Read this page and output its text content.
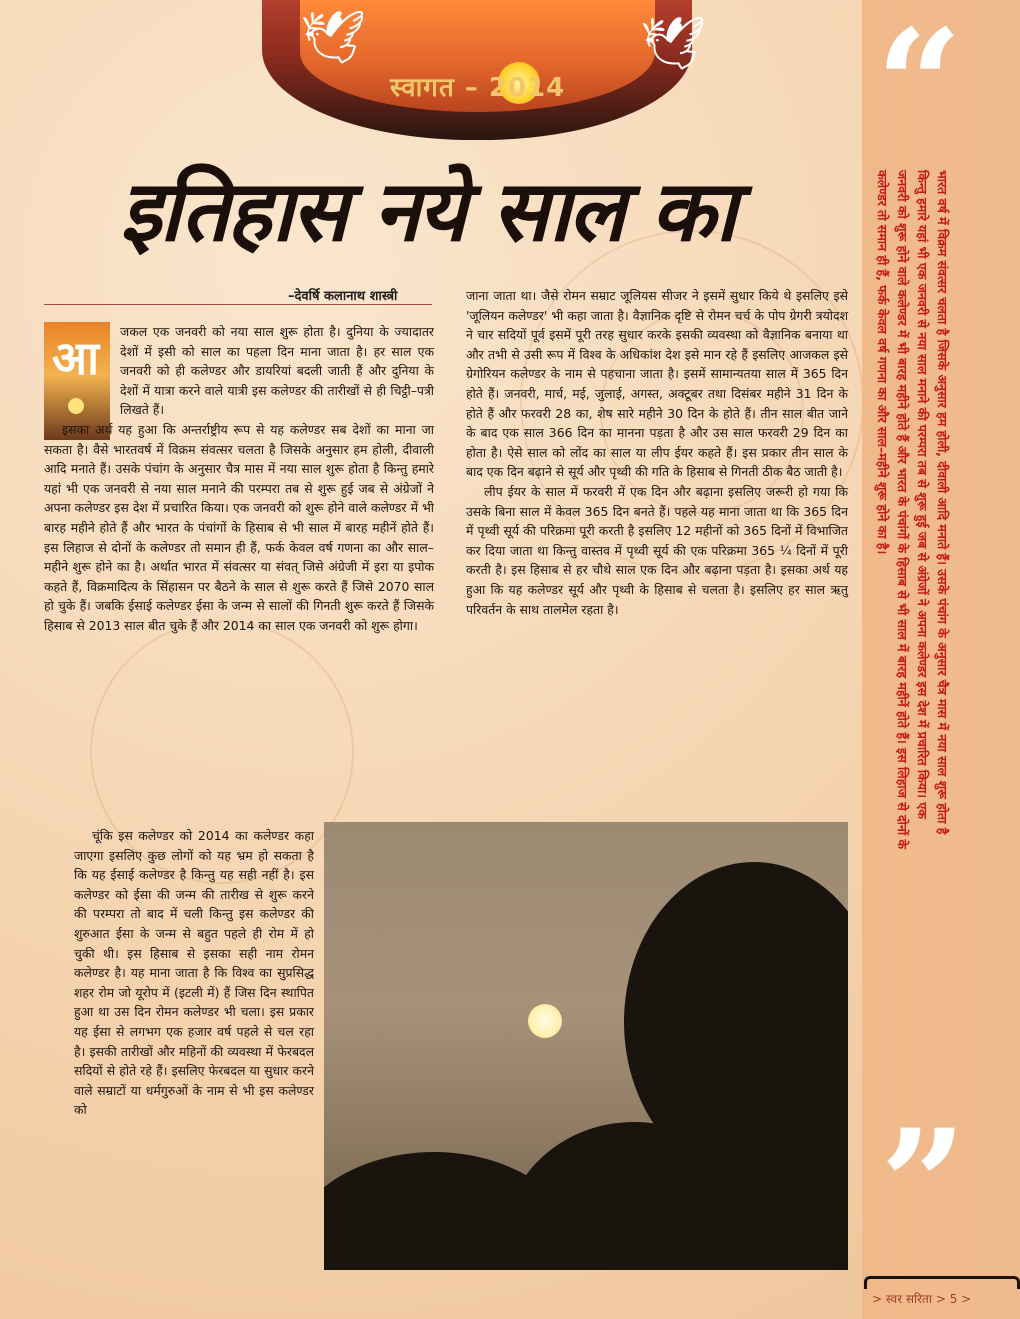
🕊	🕊
स्वागत – 2014
इतिहास नये साल का
–देवर्षि कलानाथ शास्त्री
आ	जकल एक जनवरी को नया साल शुरू होता है। दुनिया के ज्यादातर देशों में इसी को साल का पहला दिन माना जाता है। हर साल एक जनवरी को ही कलेण्डर और डायरियां बदली जाती हैं और दुनिया के देशों में यात्रा करने वाले यात्री इस कलेण्डर की तारीखों से ही चिट्ठी–पत्री लिखते हैं।

इसका अर्थ यह हुआ कि अन्तर्राष्ट्रीय रूप से यह कलेण्डर सब देशों का माना जा सकता है। वैसे भारतवर्ष में विक्रम संवत्सर चलता है जिसके अनुसार हम होली, दीवाली आदि मनाते हैं। उसके पंचांग के अनुसार चैत्र मास में नया साल शुरू होता है किन्तु हमारे यहां भी एक जनवरी से नया साल मनाने की परम्परा तब से शुरू हुई जब से अंग्रेजों ने अपना कलेण्डर इस देश में प्रचारित किया। एक जनवरी को शुरू होने वाले कलेण्डर में भी बारह महीने होते हैं और भारत के पंचांगों के हिसाब से भी साल में बारह महीनें होते हैं। इस लिहाज से दोनों के कलेण्डर तो समान ही हैं, फर्क केवल वर्ष गणना का और साल–महीने शुरू होने का है। अर्थात भारत में संवत्सर या संवत् जिसे अंग्रेजी में इरा या इपोक कहते हैं, विक्रमादित्य के सिंहासन पर बैठने के साल से शुरू करते हैं जिसे 2070 साल हो चुके हैं। जबकि ईसाई कलेण्डर ईसा के जन्म से सालों की गिनती शुरू करते हैं जिसके हिसाब से 2013 साल बीत चुके हैं और 2014 का साल एक जनवरी को शुरू होगा।

चूंकि इस कलेण्डर को 2014 का कलेण्डर कहा जाएगा इसलिए कुछ लोगों को यह भ्रम हो सकता है कि यह ईसाई कलेण्डर है किन्तु यह सही नहीं है। इस कलेण्डर को ईसा की जन्म की तारीख से शुरू करने की परम्परा तो बाद में चली किन्तु इस कलेण्डर की शुरुआत ईसा के जन्म से बहुत पहले ही रोम में हो चुकी थी। इस हिसाब से इसका सही नाम रोमन कलेण्डर है। यह माना जाता है कि विश्व का सुप्रसिद्ध शहर रोम जो यूरोप में (इटली में) हैं जिस दिन स्थापित हुआ था उस दिन रोमन कलेण्डर भी चला। इस प्रकार यह ईसा से लगभग एक हजार वर्ष पहले से चल रहा है। इसकी तारीखों और महिनों की व्यवस्था में फेरबदल सदियों से होते रहे हैं। इसलिए फेरबदल या सुधार करने वाले सम्राटों या धर्मगुरुओं के नाम से भी इस कलेण्डर को

जाना जाता था। जैसे रोमन सम्राट जूलियस सीजर ने इसमें सुधार किये थे इसलिए इसे 'जूलियन कलेण्डर' भी कहा जाता है। वैज्ञानिक दृष्टि से रोमन चर्च के पोप ग्रेगरी त्रयोदश ने चार सदियों पूर्व इसमें पूरी तरह सुधार करके इसकी व्यवस्था को वैज्ञानिक बनाया था और तभी से उसी रूप में विश्व के अधिकांश देश इसे मान रहे हैं इसलिए आजकल इसे ग्रेगोरियन कलेण्डर के नाम से पहचाना जाता है। इसमें सामान्यतया साल में 365 दिन होते हैं। जनवरी, मार्च, मई, जुलाई, अगस्त, अक्टूबर तथा दिसंबर महीने 31 दिन के होते हैं और फरवरी 28 का, शेष सारे महीने 30 दिन के होते हैं। तीन साल बीत जाने के बाद एक साल 366 दिन का मानना पड़ता है और उस साल फरवरी 29 दिन का होता है। ऐसे साल को लोंद का साल या लीप ईयर कहते हैं। इस प्रकार तीन साल के बाद एक दिन बढ़ाने से सूर्य और पृथ्वी की गति के हिसाब से गिनती ठीक बैठ जाती है।

लीप ईयर के साल में फरवरी में एक दिन और बढ़ाना इसलिए जरूरी हो गया कि उसके बिना साल में केवल 365 दिन बनते हैं। पहले यह माना जाता था कि 365 दिन में पृथ्वी सूर्य की परिक्रमा पूरी करती है इसलिए 12 महीनों को 365 दिनों में विभाजित कर दिया जाता था किन्तु वास्तव में पृथ्वी सूर्य की एक परिक्रमा 365 ¼ दिनों में पूरी करती है। इस हिसाब से हर चौथे साल एक दिन और बढ़ाना पड़ता है। इसका अर्थ यह हुआ कि यह कलेण्डर सूर्य और पृथ्वी के हिसाब से चलता है। इसलिए हर साल ऋतु परिवर्तन के साथ तालमेल रहता है।

“
भारत वर्ष में विक्रम संवत्सर चलता है जिसके अनुसार हम होली, दीवाली आदि मनाते हैं। उसके पंचांग के अनुसार चैत्र मास में नया साल शुरू होता है किन्तु हमारे यहां भी एक जनवरी से नया साल मनाने की परम्परा तब से शुरू हुई जब से अंग्रेजों ने अपना कलेण्डर इस देश में प्रचारित किया। एक जनवरी को शुरू होने वाले कलेण्डर में भी बारह महीने होते हैं और भारत के पंचांगों के हिसाब से भी साल में बारह महीनें होते हैं। इस लिहाज से दोनों के कलेण्डर तो समान ही हैं, फर्क केवल वर्ष गणना का और साल–महीने शुरू होने का है।
”
> स्वर सरिता > 5 >
